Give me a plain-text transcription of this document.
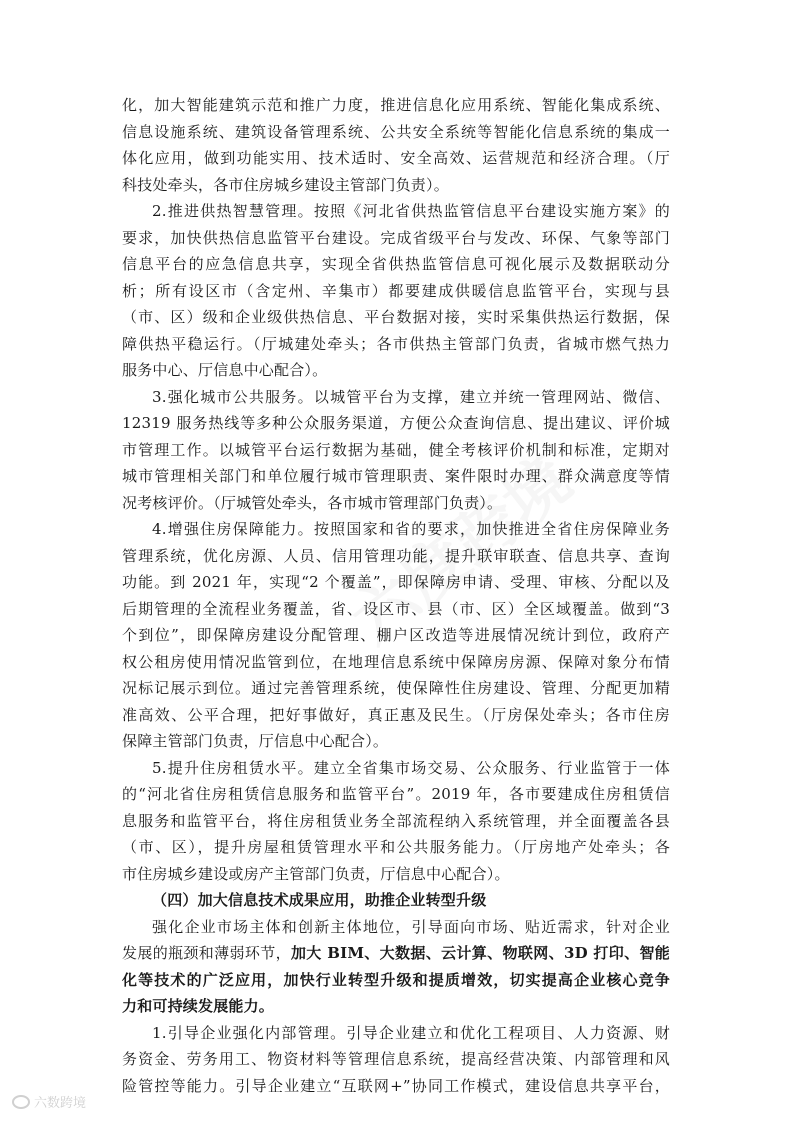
化，加大智能建筑示范和推广力度，推进信息化应用系统、智能化集成系统、
信息设施系统、建筑设备管理系统、公共安全系统等智能化信息系统的集成一
体化应用，做到功能实用、技术适时、安全高效、运营规范和经济合理。（厅
科技处牵头，各市住房城乡建设主管部门负责）。
2.推进供热智慧管理。按照《河北省供热监管信息平台建设实施方案》的
要求，加快供热信息监管平台建设。完成省级平台与发改、环保、气象等部门
信息平台的应急信息共享，实现全省供热监管信息可视化展示及数据联动分
析；所有设区市（含定州、辛集市）都要建成供暖信息监管平台，实现与县
（市、区）级和企业级供热信息、平台数据对接，实时采集供热运行数据，保
障供热平稳运行。（厅城建处牵头；各市供热主管部门负责，省城市燃气热力
服务中心、厅信息中心配合）。
3.强化城市公共服务。以城管平台为支撑，建立并统一管理网站、微信、
12319 服务热线等多种公众服务渠道，方便公众查询信息、提出建议、评价城
市管理工作。以城管平台运行数据为基础，健全考核评价机制和标准，定期对
城市管理相关部门和单位履行城市管理职责、案件限时办理、群众满意度等情
况考核评价。（厅城管处牵头，各市城市管理部门负责）。
4.增强住房保障能力。按照国家和省的要求，加快推进全省住房保障业务
管理系统，优化房源、人员、信用管理功能，提升联审联查、信息共享、查询
功能。到 2021 年，实现“2 个覆盖”，即保障房申请、受理、审核、分配以及
后期管理的全流程业务覆盖，省、设区市、县（市、区）全区域覆盖。做到“3
个到位”，即保障房建设分配管理、棚户区改造等进展情况统计到位，政府产
权公租房使用情况监管到位，在地理信息系统中保障房房源、保障对象分布情
况标记展示到位。通过完善管理系统，使保障性住房建设、管理、分配更加精
准高效、公平合理，把好事做好，真正惠及民生。（厅房保处牵头；各市住房
保障主管部门负责，厅信息中心配合）。
5.提升住房租赁水平。建立全省集市场交易、公众服务、行业监管于一体
的“河北省住房租赁信息服务和监管平台”。2019 年，各市要建成住房租赁信
息服务和监管平台，将住房租赁业务全部流程纳入系统管理，并全面覆盖各县
（市、区），提升房屋租赁管理水平和公共服务能力。（厅房地产处牵头；各
市住房城乡建设或房产主管部门负责，厅信息中心配合）。
（四）加大信息技术成果应用，助推企业转型升级
强化企业市场主体和创新主体地位，引导面向市场、贴近需求，针对企业
发展的瓶颈和薄弱环节，加大 BIM、大数据、云计算、物联网、3D 打印、智能
化等技术的广泛应用，加快行业转型升级和提质增效，切实提高企业核心竞争
力和可持续发展能力。
1.引导企业强化内部管理。引导企业建立和优化工程项目、人力资源、财
务资金、劳务用工、物资材料等管理信息系统，提高经营决策、内部管理和风
险管控等能力。引导企业建立“互联网+”协同工作模式，建设信息共享平台，
六数跨境
